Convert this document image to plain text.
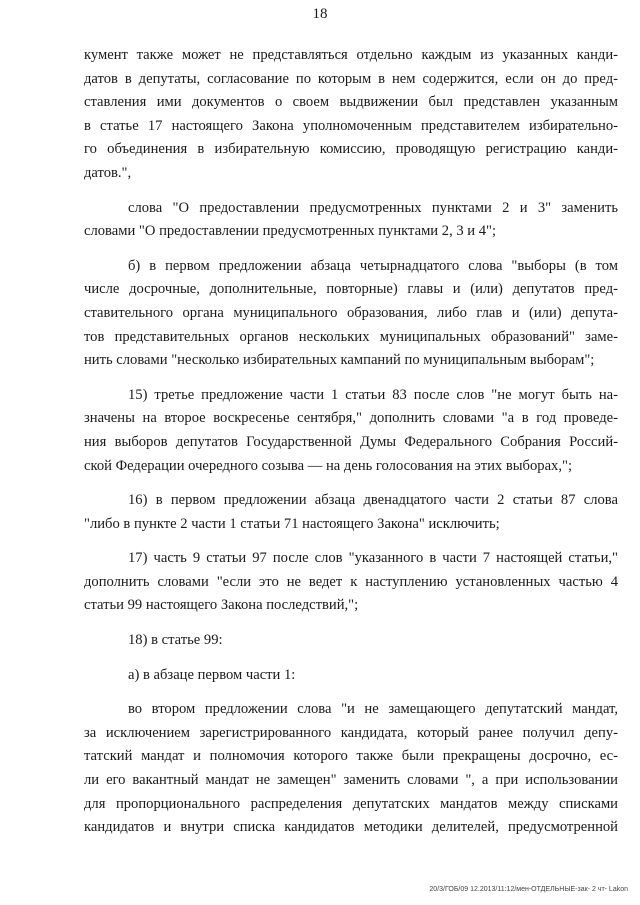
18
кумент также может не представляться отдельно каждым из указанных канди-
датов в депутаты, согласование по которым в нем содержится, если он до пред-
ставления ими документов о своем выдвижении был представлен указанным
в статье 17 настоящего Закона уполномоченным представителем избирательно-
го объединения в избирательную комиссию, проводящую регистрацию канди-
датов.",
слова "О предоставлении предусмотренных пунктами 2 и 3" заменить
словами "О предоставлении предусмотренных пунктами 2, 3 и 4";
б) в первом предложении абзаца четырнадцатого слова "выборы (в том
числе досрочные, дополнительные, повторные) главы и (или) депутатов пред-
ставительного органа муниципального образования, либо глав и (или) депута-
тов представительных органов нескольких муниципальных образований" заме-
нить словами "несколько избирательных кампаний по муниципальным выборам";
15) третье предложение части 1 статьи 83 после слов "не могут быть на-
значены на второе воскресенье сентября," дополнить словами "а в год проведе-
ния выборов депутатов Государственной Думы Федерального Собрания Россий-
ской Федерации очередного созыва — на день голосования на этих выборах,";
16) в первом предложении абзаца двенадцатого части 2 статьи 87 слова
"либо в пункте 2 части 1 статьи 71 настоящего Закона" исключить;
17) часть 9 статьи 97 после слов "указанного в части 7 настоящей статьи,"
дополнить словами "если это не ведет к наступлению установленных частью 4
статьи 99 настоящего Закона последствий,";
18) в статье 99:
а) в абзаце первом части 1:
во втором предложении слова "и не замещающего депутатский мандат,
за исключением зарегистрированного кандидата, который ранее получил депу-
татский мандат и полномочия которого также были прекращены досрочно, ес-
ли его вакантный мандат не замещен" заменить словами ", а при использовании
для пропорционального распределения депутатских мандатов между списками
кандидатов и внутри списка кандидатов методики делителей, предусмотренной
20/3/ГОБ/09 12.2013/11:12/мен-ОТДЕЛЬНЫЕ-зак- 2 чт- Lakon
